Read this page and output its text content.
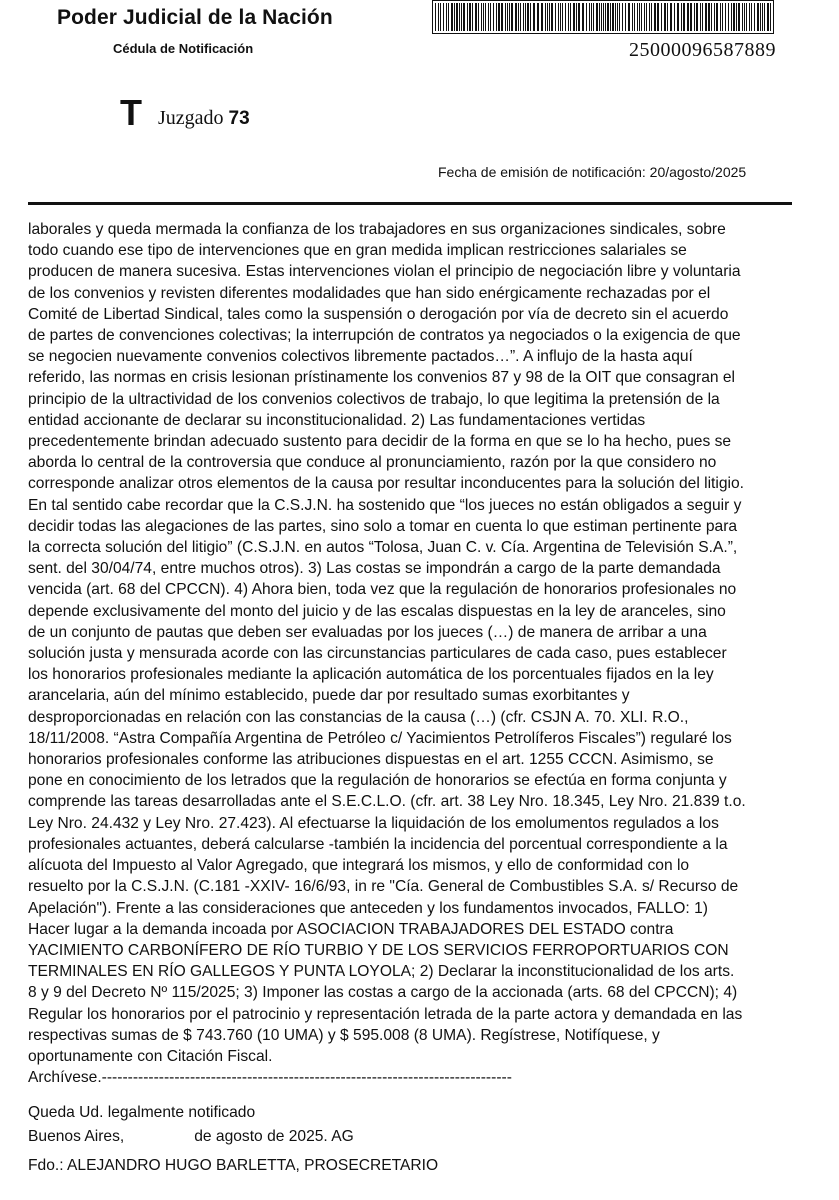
Poder Judicial de la Nación
Cédula de Notificación	25000096587889
T Juzgado 73
Fecha de emisión de notificación: 20/agosto/2025
laborales y queda mermada la confianza de los trabajadores en sus organizaciones sindicales, sobre
todo cuando ese tipo de intervenciones que en gran medida implican restricciones salariales se
producen de manera sucesiva. Estas intervenciones violan el principio de negociación libre y voluntaria
de los convenios y revisten diferentes modalidades que han sido enérgicamente rechazadas por el
Comité de Libertad Sindical, tales como la suspensión o derogación por vía de decreto sin el acuerdo
de partes de convenciones colectivas; la interrupción de contratos ya negociados o la exigencia de que
se negocien nuevamente convenios colectivos libremente pactados…”. A influjo de la hasta aquí
referido, las normas en crisis lesionan prístinamente los convenios 87 y 98 de la OIT que consagran el
principio de la ultractividad de los convenios colectivos de trabajo, lo que legitima la pretensión de la
entidad accionante de declarar su inconstitucionalidad. 2) Las fundamentaciones vertidas
precedentemente brindan adecuado sustento para decidir de la forma en que se lo ha hecho, pues se
aborda lo central de la controversia que conduce al pronunciamiento, razón por la que considero no
corresponde analizar otros elementos de la causa por resultar inconducentes para la solución del litigio.
En tal sentido cabe recordar que la C.S.J.N. ha sostenido que “los jueces no están obligados a seguir y
decidir todas las alegaciones de las partes, sino solo a tomar en cuenta lo que estiman pertinente para
la correcta solución del litigio” (C.S.J.N. en autos “Tolosa, Juan C. v. Cía. Argentina de Televisión S.A.”,
sent. del 30/04/74, entre muchos otros). 3) Las costas se impondrán a cargo de la parte demandada
vencida (art. 68 del CPCCN). 4) Ahora bien, toda vez que la regulación de honorarios profesionales no
depende exclusivamente del monto del juicio y de las escalas dispuestas en la ley de aranceles, sino
de un conjunto de pautas que deben ser evaluadas por los jueces (…) de manera de arribar a una
solución justa y mensurada acorde con las circunstancias particulares de cada caso, pues establecer
los honorarios profesionales mediante la aplicación automática de los porcentuales fijados en la ley
arancelaria, aún del mínimo establecido, puede dar por resultado sumas exorbitantes y
desproporcionadas en relación con las constancias de la causa (…) (cfr. CSJN A. 70. XLI. R.O.,
18/11/2008. “Astra Compañía Argentina de Petróleo c/ Yacimientos Petrolíferos Fiscales”) regularé los
honorarios profesionales conforme las atribuciones dispuestas en el art. 1255 CCCN. Asimismo, se
pone en conocimiento de los letrados que la regulación de honorarios se efectúa en forma conjunta y
comprende las tareas desarrolladas ante el S.E.C.L.O. (cfr. art. 38 Ley Nro. 18.345, Ley Nro. 21.839 t.o.
Ley Nro. 24.432 y Ley Nro. 27.423). Al efectuarse la liquidación de los emolumentos regulados a los
profesionales actuantes, deberá calcularse -también la incidencia del porcentual correspondiente a la
alícuota del Impuesto al Valor Agregado, que integrará los mismos, y ello de conformidad con lo
resuelto por la C.S.J.N. (C.181 -XXIV- 16/6/93, in re "Cía. General de Combustibles S.A. s/ Recurso de
Apelación"). Frente a las consideraciones que anteceden y los fundamentos invocados, FALLO: 1)
Hacer lugar a la demanda incoada por ASOCIACION TRABAJADORES DEL ESTADO contra
YACIMIENTO CARBONÍFERO DE RÍO TURBIO Y DE LOS SERVICIOS FERROPORTUARIOS CON
TERMINALES EN RÍO GALLEGOS Y PUNTA LOYOLA; 2) Declarar la inconstitucionalidad de los arts.
8 y 9 del Decreto Nº 115/2025; 3) Imponer las costas a cargo de la accionada (arts. 68 del CPCCN); 4)
Regular los honorarios por el patrocinio y representación letrada de la parte actora y demandada en las
respectivas sumas de $ 743.760 (10 UMA) y $ 595.008 (8 UMA). Regístrese, Notifíquese, y
oportunamente con Citación Fiscal.
Archívese.-------------------------------------------------------------------------------
Queda Ud. legalmente notificado
Buenos Aires,	de agosto de 2025. AG
Fdo.: ALEJANDRO HUGO BARLETTA, PROSECRETARIO
